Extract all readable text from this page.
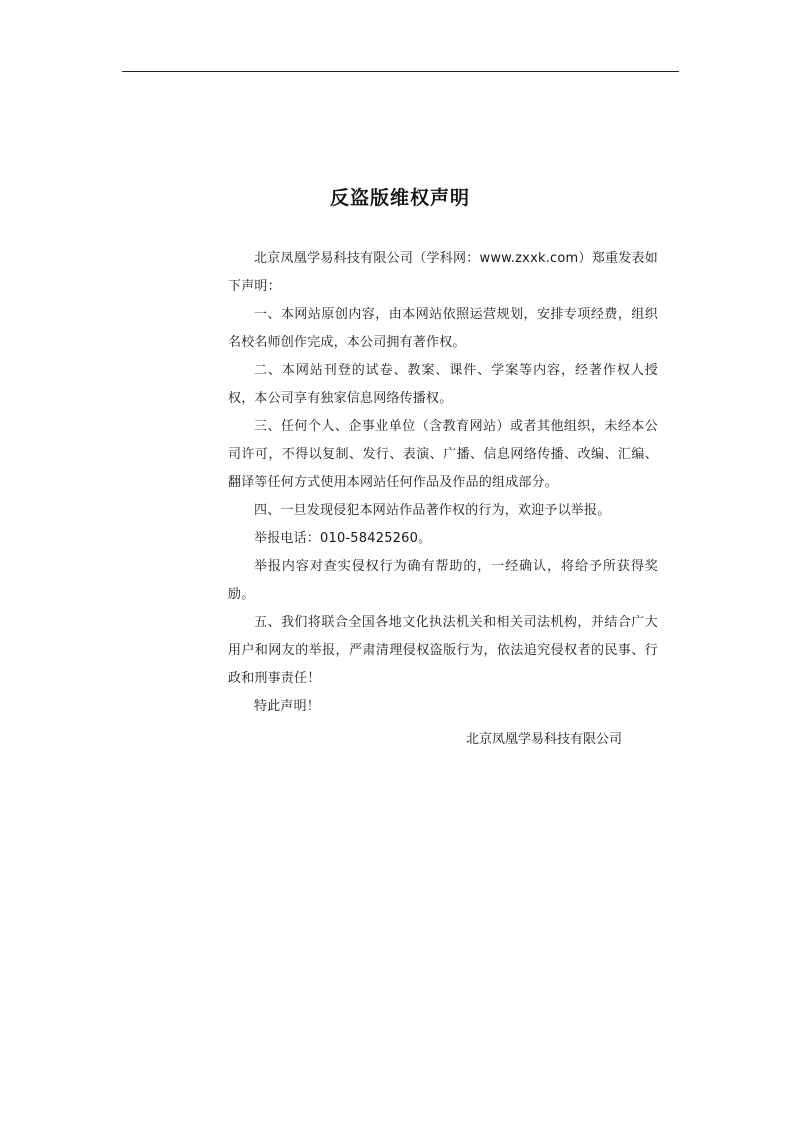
反盗版维权声明

北京凤凰学易科技有限公司（学科网：www.zxxk.com）郑重发表如下声明：

一、本网站原创内容，由本网站依照运营规划，安排专项经费，组织名校名师创作完成，本公司拥有著作权。

二、本网站刊登的试卷、教案、课件、学案等内容，经著作权人授权，本公司享有独家信息网络传播权。

三、任何个人、企事业单位（含教育网站）或者其他组织，未经本公司许可，不得以复制、发行、表演、广播、信息网络传播、改编、汇编、翻译等任何方式使用本网站任何作品及作品的组成部分。

四、一旦发现侵犯本网站作品著作权的行为，欢迎予以举报。

举报电话：010-58425260。

举报内容对查实侵权行为确有帮助的，一经确认，将给予所获得奖励。

五、我们将联合全国各地文化执法机关和相关司法机构，并结合广大用户和网友的举报，严肃清理侵权盗版行为，依法追究侵权者的民事、行政和刑事责任！

特此声明！

北京凤凰学易科技有限公司
